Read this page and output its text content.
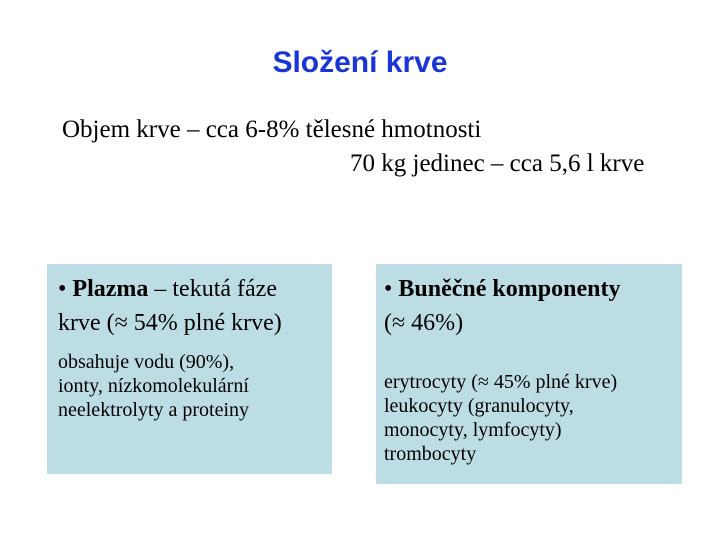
Složení krve
Objem krve – cca 6-8% tělesné hmotnosti
70 kg jedinec – cca 5,6 l krve
• Plazma – tekutá fáze
krve (≈ 54% plné krve)
obsahuje vodu (90%),
ionty, nízkomolekulární
neelektrolyty a proteiny
• Buněčné komponenty
(≈ 46%)
erytrocyty (≈ 45% plné krve)
leukocyty (granulocyty,
monocyty, lymfocyty)
trombocyty
